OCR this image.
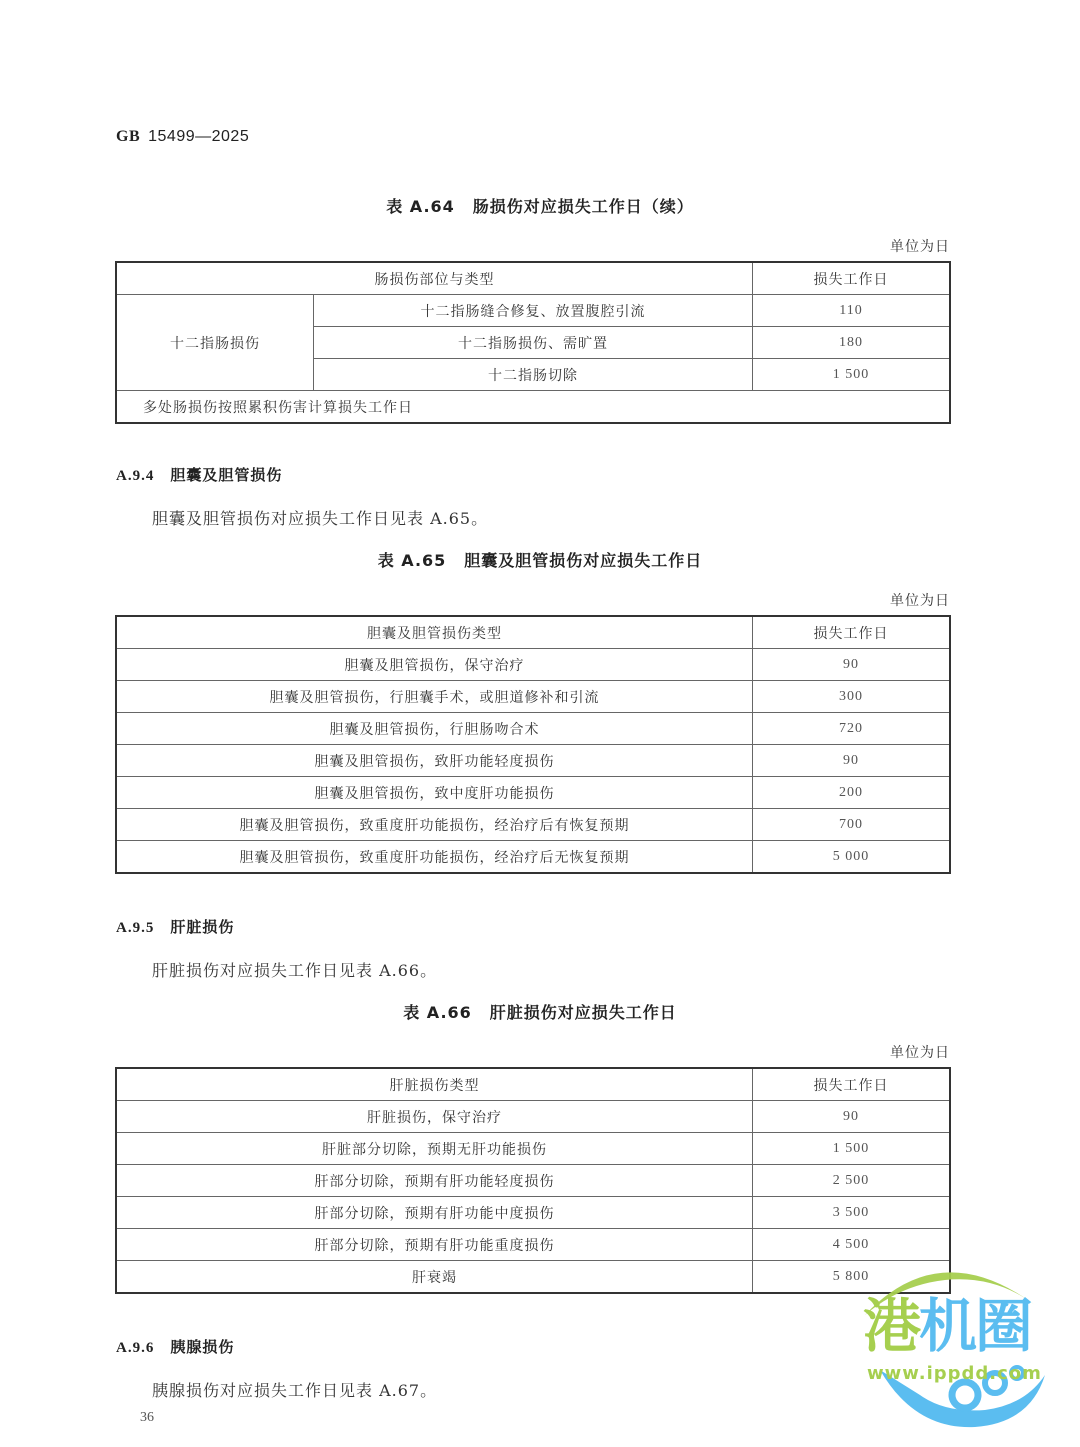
GB 15499—2025
表 A.64 肠损伤对应损失工作日（续）
单位为日
肠损伤部位与类型		损失工作日
十二指肠损伤	十二指肠缝合修复、放置腹腔引流	110
	十二指肠损伤、需旷置	180
	十二指肠切除	1 500
多处肠损伤按照累积伤害计算损失工作日		
A.9.4 胆囊及胆管损伤
胆囊及胆管损伤对应损失工作日见表 A.65。
表 A.65 胆囊及胆管损伤对应损失工作日
单位为日
胆囊及胆管损伤类型	损失工作日
胆囊及胆管损伤，保守治疗	90
胆囊及胆管损伤，行胆囊手术，或胆道修补和引流	300
胆囊及胆管损伤，行胆肠吻合术	720
胆囊及胆管损伤，致肝功能轻度损伤	90
胆囊及胆管损伤，致中度肝功能损伤	200
胆囊及胆管损伤，致重度肝功能损伤，经治疗后有恢复预期	700
胆囊及胆管损伤，致重度肝功能损伤，经治疗后无恢复预期	5 000
A.9.5 肝脏损伤
肝脏损伤对应损失工作日见表 A.66。
表 A.66 肝脏损伤对应损失工作日
单位为日
肝脏损伤类型	损失工作日
肝脏损伤，保守治疗	90
肝脏部分切除，预期无肝功能损伤	1 500
肝部分切除，预期有肝功能轻度损伤	2 500
肝部分切除，预期有肝功能中度损伤	3 500
肝部分切除，预期有肝功能重度损伤	4 500
肝衰竭	5 800
A.9.6 胰腺损伤
胰腺损伤对应损失工作日见表 A.67。
36
港机圈
www.ippdd.com
